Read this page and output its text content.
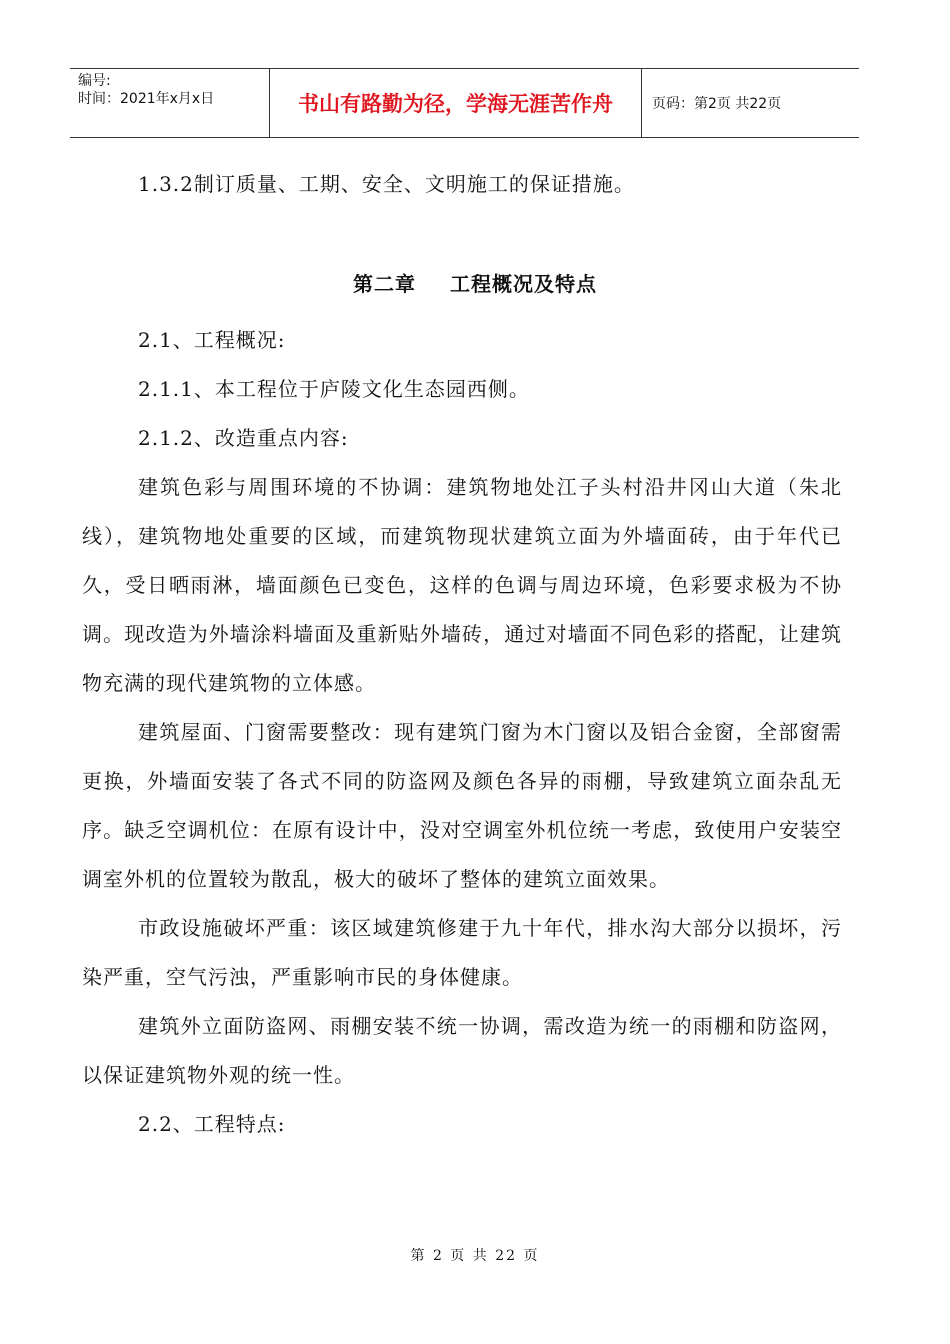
编号:
时间：2021年x月x日	书山有路勤为径，学海无涯苦作舟	页码：第2页 共22页

1.3.2制订质量、工期、安全、文明施工的保证措施。

第二章 工程概况及特点

2.1、工程概况:

2.1.1、本工程位于庐陵文化生态园西侧。

2.1.2、改造重点内容:

建筑色彩与周围环境的不协调：建筑物地处江子头村沿井冈山大道（朱北线），建筑物地处重要的区域，而建筑物现状建筑立面为外墙面砖，由于年代已久，受日晒雨淋，墙面颜色已变色，这样的色调与周边环境，色彩要求极为不协调。现改造为外墙涂料墙面及重新贴外墙砖，通过对墙面不同色彩的搭配，让建筑物充满的现代建筑物的立体感。

建筑屋面、门窗需要整改：现有建筑门窗为木门窗以及铝合金窗，全部窗需更换，外墙面安装了各式不同的防盗网及颜色各异的雨棚，导致建筑立面杂乱无序。缺乏空调机位：在原有设计中，没对空调室外机位统一考虑，致使用户安装空调室外机的位置较为散乱，极大的破坏了整体的建筑立面效果。

市政设施破坏严重：该区域建筑修建于九十年代，排水沟大部分以损坏，污染严重，空气污浊，严重影响市民的身体健康。

建筑外立面防盗网、雨棚安装不统一协调，需改造为统一的雨棚和防盗网，以保证建筑物外观的统一性。

2.2、工程特点:

第 2 页 共 22 页
